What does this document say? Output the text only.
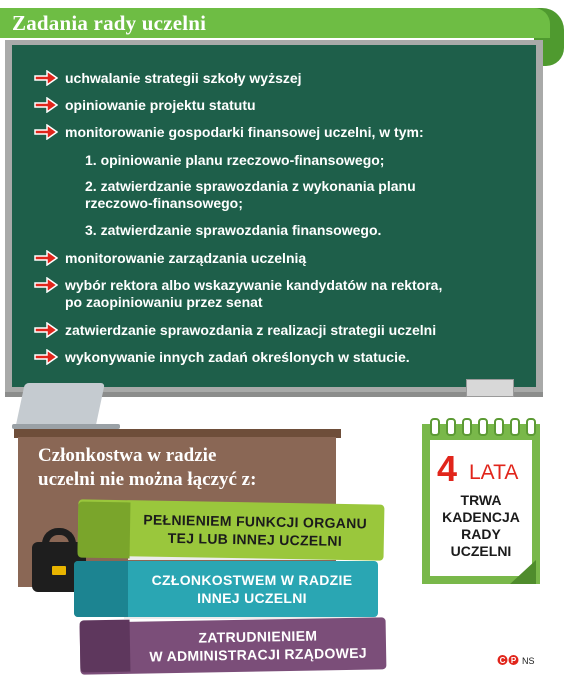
Zadania rady uczelni
uchwalanie strategii szkoły wyższej
opiniowanie projektu statutu
monitorowanie gospodarki finansowej uczelni, w tym:
1. opiniowanie planu rzeczowo-finansowego;
2. zatwierdzanie sprawozdania z wykonania planu
rzeczowo-finansowego;
3. zatwierdzanie sprawozdania finansowego.
monitorowanie zarządzania uczelnią
wybór rektora albo wskazywanie kandydatów na rektora,
po zaopiniowaniu przez senat
zatwierdzanie sprawozdania z realizacji strategii uczelni
wykonywanie innych zadań określonych w statucie.
Członkostwa w radzie
uczelni nie można łączyć z:
PEŁNIENIEM FUNKCJI ORGANU
TEJ LUB INNEJ UCZELNI
CZŁONKOSTWEM W RADZIE
INNEJ UCZELNI
ZATRUDNIENIEM
W ADMINISTRACJI RZĄDOWEJ
4 LATA
TRWA
KADENCJA
RADY
UCZELNI
C P NS
